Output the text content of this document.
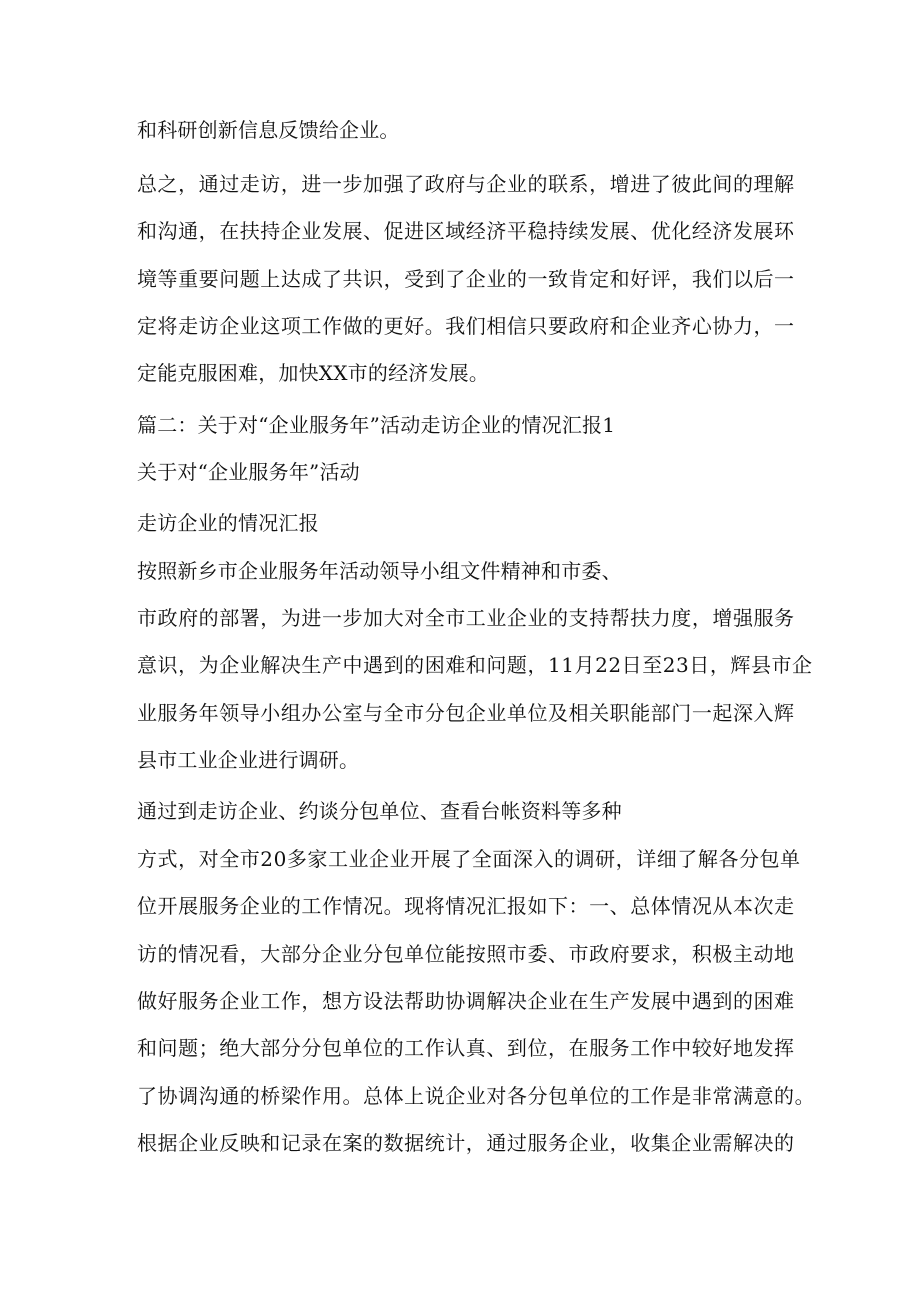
和科研创新信息反馈给企业。
总之，通过走访，进一步加强了政府与企业的联系，增进了彼此间的理解
和沟通，在扶持企业发展、促进区域经济平稳持续发展、优化经济发展环
境等重要问题上达成了共识，受到了企业的一致肯定和好评，我们以后一
定将走访企业这项工作做的更好。我们相信只要政府和企业齐心协力，一
定能克服困难，加快XX市的经济发展。
篇二：关于对“企业服务年”活动走访企业的情况汇报1
关于对“企业服务年”活动
走访企业的情况汇报
按照新乡市企业服务年活动领导小组文件精神和市委、
市政府的部署，为进一步加大对全市工业企业的支持帮扶力度，增强服务
意识，为企业解决生产中遇到的困难和问题，11月22日至23日，辉县市企
业服务年领导小组办公室与全市分包企业单位及相关职能部门一起深入辉
县市工业企业进行调研。
通过到走访企业、约谈分包单位、查看台帐资料等多种
方式，对全市20多家工业企业开展了全面深入的调研，详细了解各分包单
位开展服务企业的工作情况。现将情况汇报如下：一、总体情况从本次走
访的情况看，大部分企业分包单位能按照市委、市政府要求，积极主动地
做好服务企业工作，想方设法帮助协调解决企业在生产发展中遇到的困难
和问题；绝大部分分包单位的工作认真、到位，在服务工作中较好地发挥
了协调沟通的桥梁作用。总体上说企业对各分包单位的工作是非常满意的。
根据企业反映和记录在案的数据统计，通过服务企业，收集企业需解决的
